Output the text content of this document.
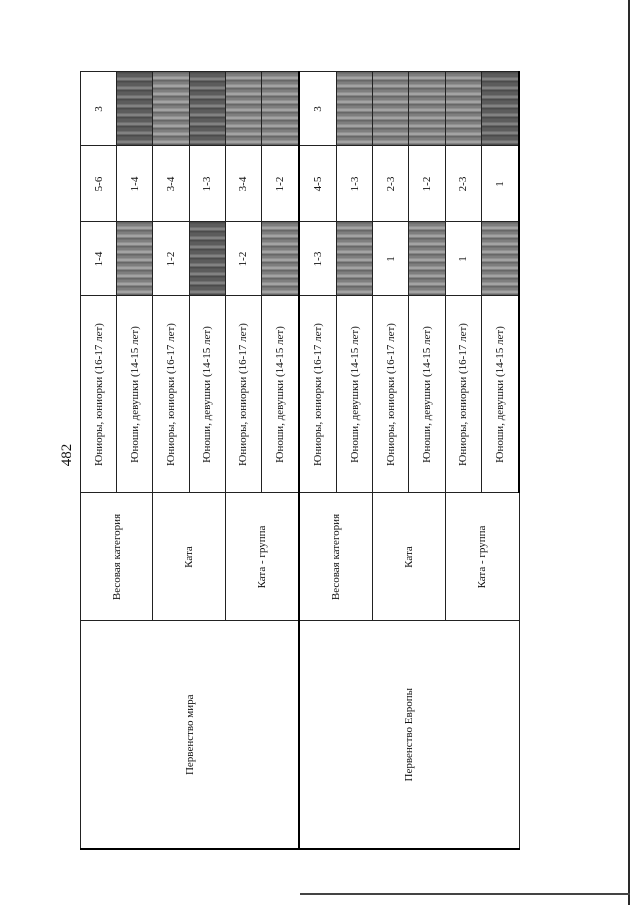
482
Первенство мира	Весовая категория	Юниоры, юниорки (16-17 лет)	1-4	5-6	3
		Юноши, девушки (14-15 лет)		1-4	
	Ката	Юниоры, юниорки (16-17 лет)	1-2	3-4	
		Юноши, девушки (14-15 лет)		1-3	
	Ката - группа	Юниоры, юниорки (16-17 лет)	1-2	3-4	
		Юноши, девушки (14-15 лет)		1-2	
Первенство Европы	Весовая категория	Юниоры, юниорки (16-17 лет)	1-3	4-5	3
		Юноши, девушки (14-15 лет)		1-3	
	Ката	Юниоры, юниорки (16-17 лет)	1	2-3	
		Юноши, девушки (14-15 лет)		1-2	
	Ката - группа	Юниоры, юниорки (16-17 лет)	1	2-3	
		Юноши, девушки (14-15 лет)		1	
